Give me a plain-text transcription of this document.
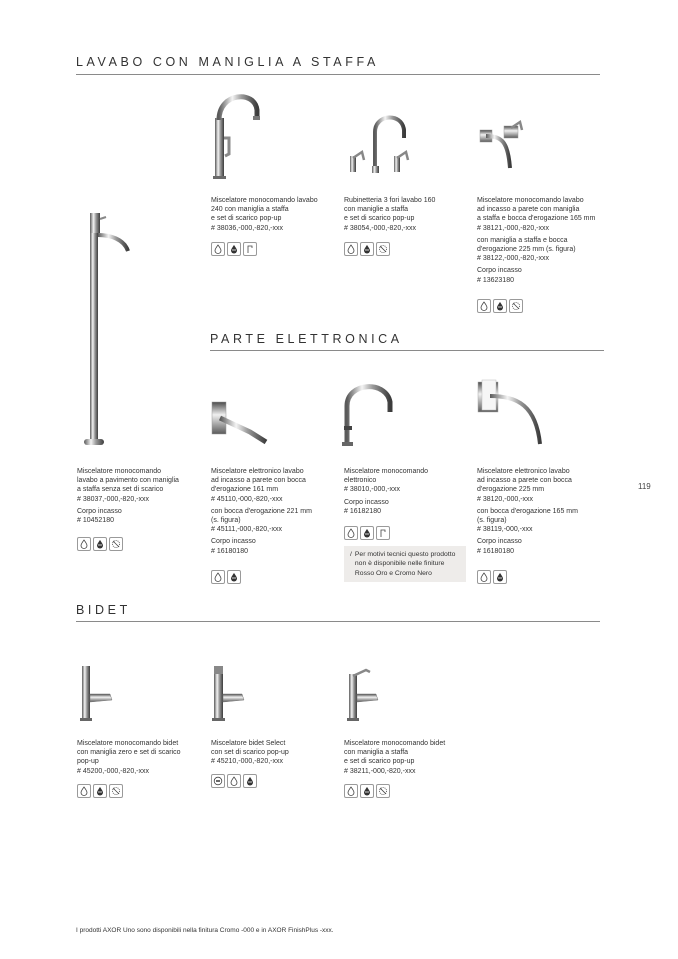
LAVABO CON MANIGLIA A STAFFA
Miscelatore monocomando lavabo
240 con maniglia a staffa
e set di scarico pop-up
# 38036,-000,-820,-xxx
Rubinetteria 3 fori lavabo 160
con maniglie a staffa
e set di scarico pop-up
# 38054,-000,-820,-xxx
Miscelatore monocomando lavabo
ad incasso a parete con maniglia
a staffa e bocca d'erogazione 165 mm
# 38121,-000,-820,-xxx
con maniglia a staffa e bocca
d'erogazione 225 mm (s. figura)
# 38122,-000,-820,-xxx
Corpo incasso
# 13623180
PARTE ELETTRONICA
Miscelatore monocomando
lavabo a pavimento con maniglia
a staffa senza set di scarico
# 38037,-000,-820,-xxx
Corpo incasso
# 10452180
Miscelatore elettronico lavabo
ad incasso a parete con bocca
d'erogazione 161 mm
# 45110,-000,-820,-xxx
con bocca d'erogazione 221 mm
(s. figura)
# 45111,-000,-820,-xxx
Corpo incasso
# 16180180
Miscelatore monocomando
elettronico
# 38010,-000,-xxx
Corpo incasso
# 16182180
/ Per motivi tecnici questo prodotto
non è disponibile nelle finiture
Rosso Oro e Cromo Nero
Miscelatore elettronico lavabo
ad incasso a parete con bocca
d'erogazione 225 mm
# 38120,-000,-xxx
con bocca d'erogazione 165 mm
(s. figura)
# 38119,-000,-xxx
Corpo incasso
# 16180180
119
BIDET
Miscelatore monocomando bidet
con maniglia zero e set di scarico
pop-up
# 45200,-000,-820,-xxx
Miscelatore bidet Select
con set di scarico pop-up
# 45210,-000,-820,-xxx
Miscelatore monocomando bidet
con maniglia a staffa
e set di scarico pop-up
# 38211,-000,-820,-xxx
I prodotti AXOR Uno sono disponibili nella finitura Cromo -000 e in AXOR FinishPlus -xxx.
